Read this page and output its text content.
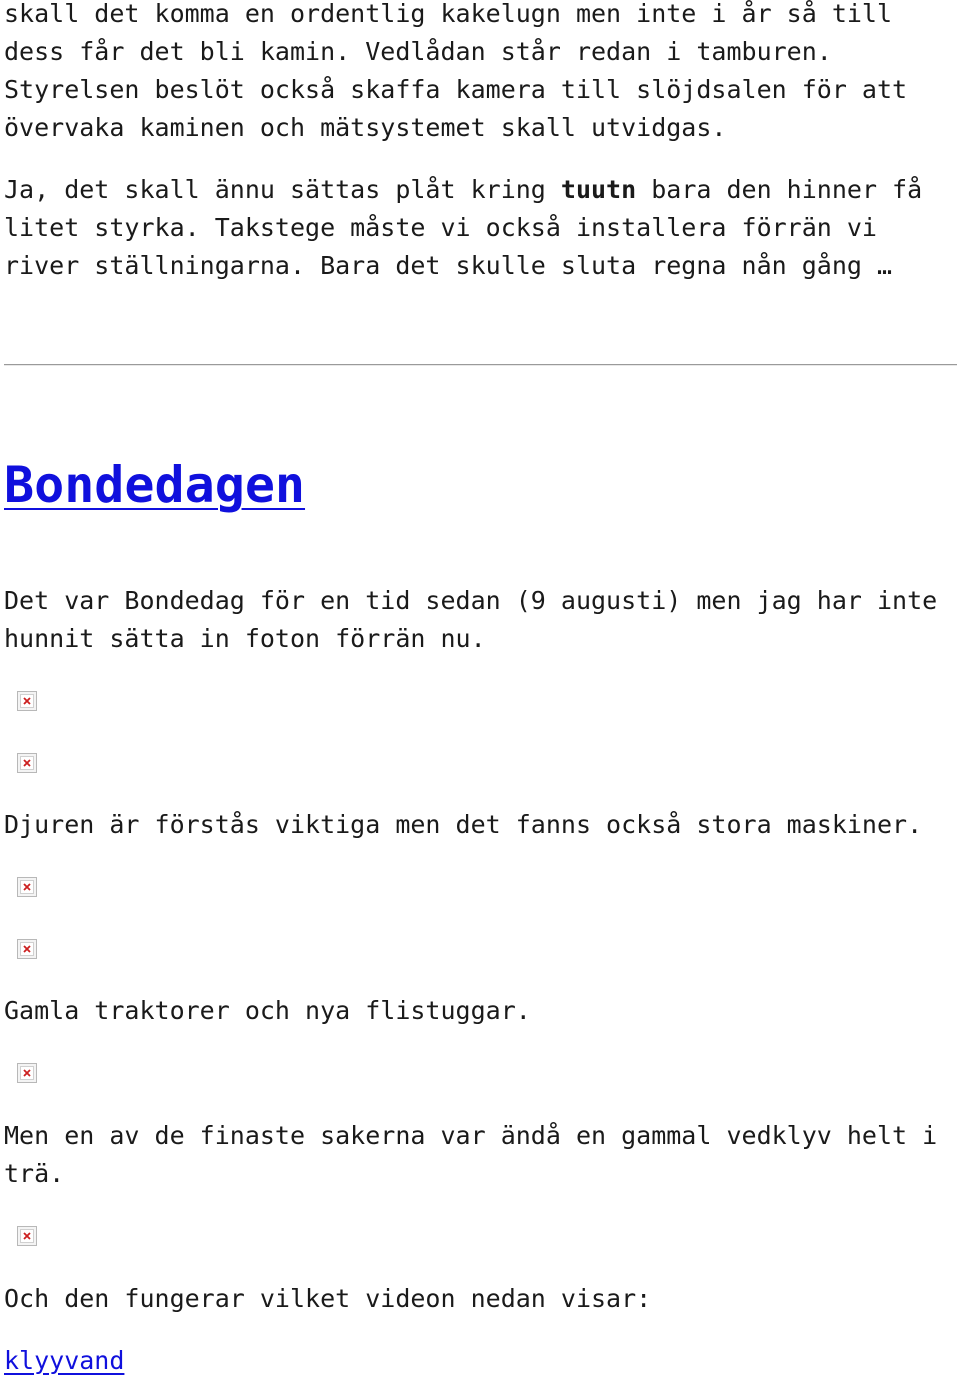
skall det komma en ordentlig kakelugn men inte i år så till dess får det bli kamin. Vedlådan står redan i tamburen. Styrelsen beslöt också skaffa kamera till slöjdsalen för att övervaka kaminen och mätsystemet skall utvidgas.

Ja, det skall ännu sättas plåt kring tuutn bara den hinner få litet styrka. Takstege måste vi också installera förrän vi river ställningarna. Bara det skulle sluta regna nån gång …

Bondedagen

Det var Bondedag för en tid sedan (9 augusti) men jag har inte hunnit sätta in foton förrän nu.

Djuren är förstås viktiga men det fanns också stora maskiner.

Gamla traktorer och nya flistuggar.

Men en av de finaste sakerna var ändå en gammal vedklyv helt i trä.

Och den fungerar vilket videon nedan visar:

klyyvand
